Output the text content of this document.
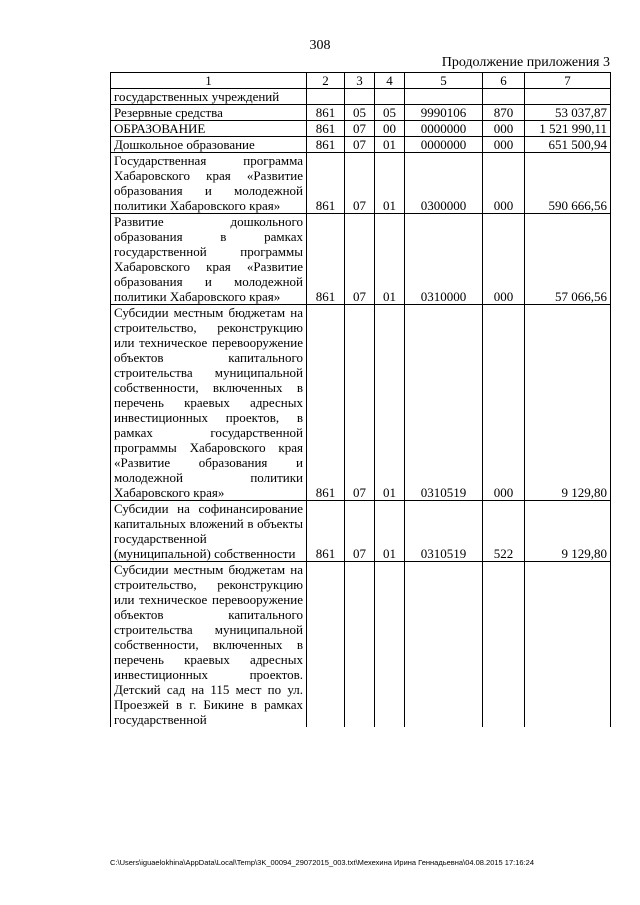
308
Продолжение приложения 3
1	2	3	4	5	6	7
государственных учреждений						
Резервные средства	861	05	05	9990106	870	53 037,87
ОБРАЗОВАНИЕ	861	07	00	0000000	000	1 521 990,11
Дошкольное образование	861	07	01	0000000	000	651 500,94
Государственная программа Хабаровского края «Развитие образования и молодежной политики Хабаровского края»	861	07	01	0300000	000	590 666,56
Развитие дошкольного образования в рамках государственной программы Хабаровского края «Развитие образования и молодежной политики Хабаровского края»	861	07	01	0310000	000	57 066,56
Субсидии местным бюджетам на строительство, реконструкцию или техническое перевооружение объектов капитального строительства муниципальной собственности, включенных в перечень краевых адресных инвестиционных проектов, в рамках государственной программы Хабаровского края «Развитие образования и молодежной политики Хабаровского края»	861	07	01	0310519	000	9 129,80
Субсидии на софинансирование капитальных вложений в объекты государственной (муниципальной) собственности	861	07	01	0310519	522	9 129,80
Субсидии местным бюджетам на строительство, реконструкцию или техническое перевооружение объектов капитального строительства муниципальной собственности, включенных в перечень краевых адресных инвестиционных проектов. Детский сад на 115 мест по ул. Проезжей в г. Бикине в рамках государственной						
C:\Users\iguaelokhina\AppData\Local\Temp\3K_00094_29072015_003.txt\Мехехина Ирина Геннадьевна\04.08.2015 17:16:24
